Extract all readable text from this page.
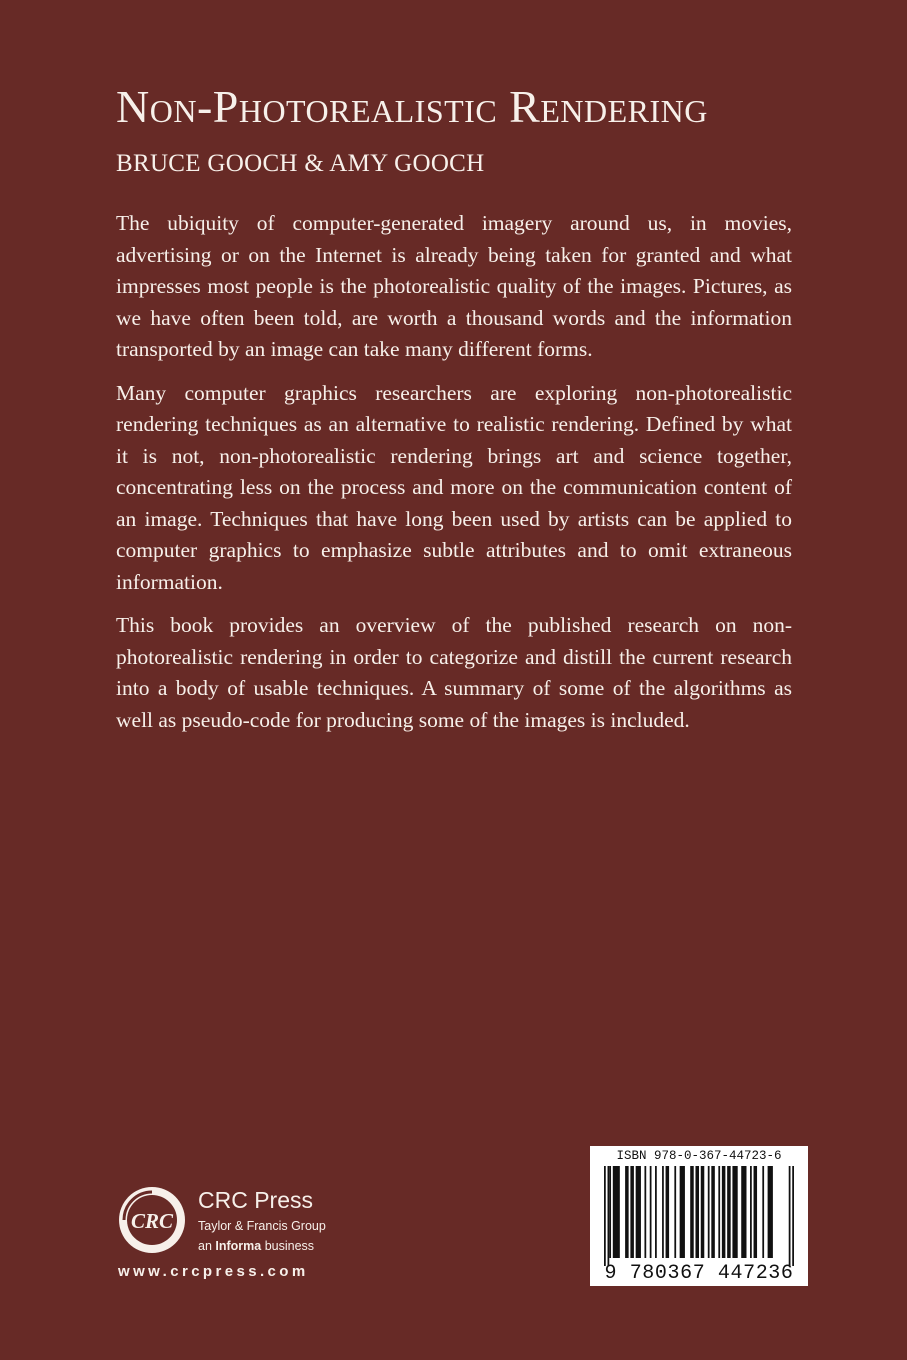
Non-Photorealistic Rendering
BRUCE GOOCH & AMY GOOCH

The ubiquity of computer-generated imagery around us, in movies, advertising or on the Internet is already being taken for granted and what impresses most people is the photorealistic quality of the images. Pictures, as we have often been told, are worth a thousand words and the information transported by an image can take many different forms.

Many computer graphics researchers are exploring non-photorealistic rendering techniques as an alternative to realistic rendering. Defined by what it is not, non-photorealistic rendering brings art and science together, concentrating less on the process and more on the communication content of an image. Techniques that have long been used by artists can be applied to computer graphics to emphasize subtle attributes and to omit extraneous information.

This book provides an overview of the published research on non-photorealistic rendering in order to categorize and distill the current research into a body of usable techniques. A summary of some of the algorithms as well as pseudo-code for producing some of the images is included.

CRC
CRC Press
Taylor & Francis Group
an Informa business
www.crcpress.com
ISBN 978-0-367-44723-6
9 780367 447236
